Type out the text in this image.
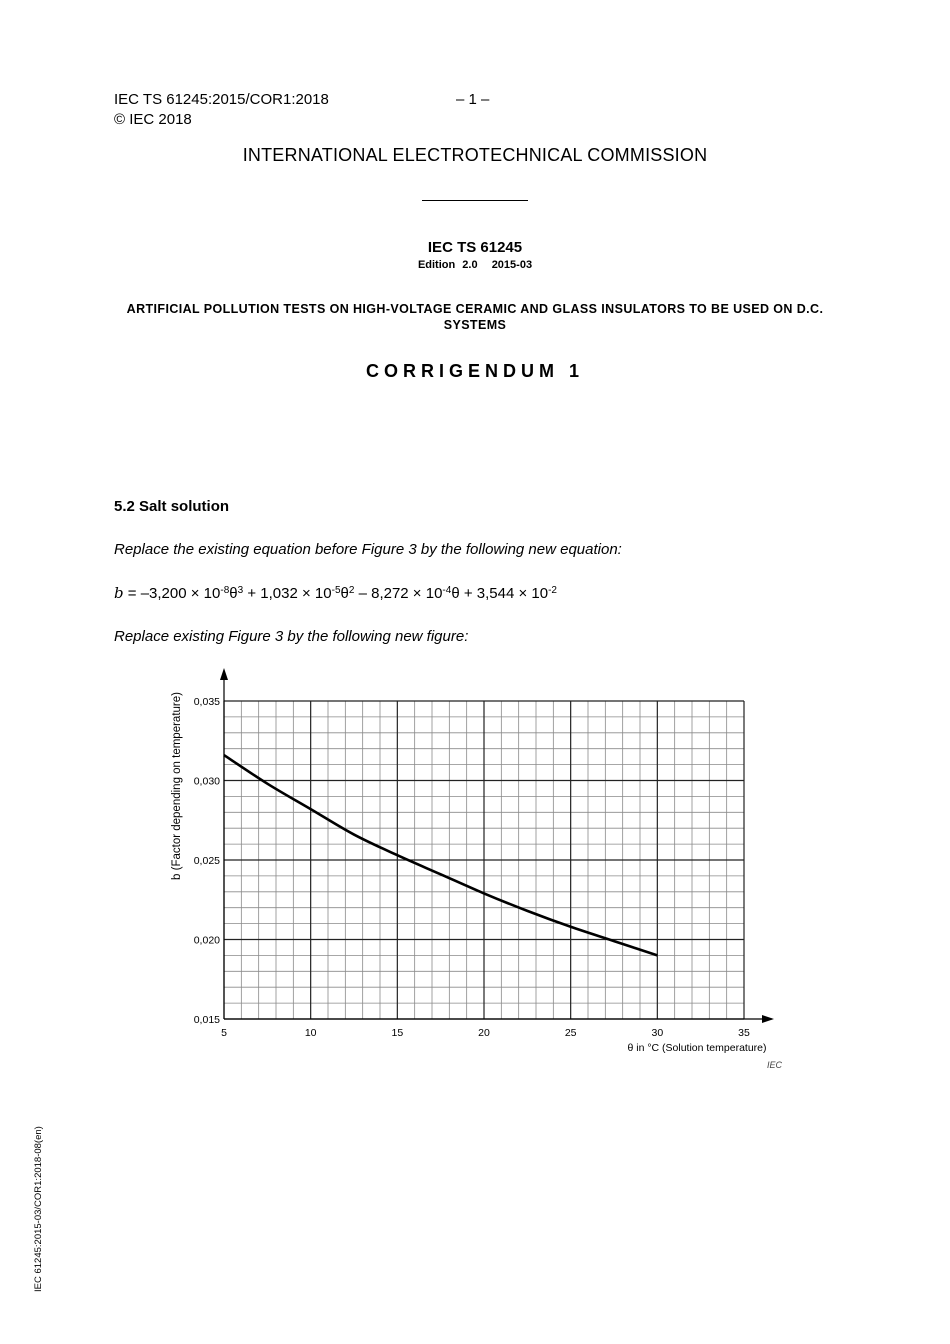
IEC TS 61245:2015/COR1:2018
© IEC 2018
– 1 –
INTERNATIONAL ELECTROTECHNICAL COMMISSION
IEC TS 61245
Edition 2.0 2015-03
ARTIFICIAL POLLUTION TESTS ON HIGH-VOLTAGE CERAMIC AND GLASS INSULATORS TO BE USED ON D.C. SYSTEMS
CORRIGENDUM 1
5.2 Salt solution
Replace the existing equation before Figure 3 by the following new equation:
$b = -3,200 \times 10^{-8}\theta^3 + 1,032 \times 10^{-5}\theta^2 - 8,272 \times 10^{-4}\theta + 3,544 \times 10^{-2}$
Replace existing Figure 3 by the following new figure:
5	10	15	20	25	30	35
0,015
0,020
0,025
0,030
0,035
θ in °C (Solution temperature)
b (Factor depending on temperature)
IEC
IEC 61245:2015-03/COR1:2018-08(en)
